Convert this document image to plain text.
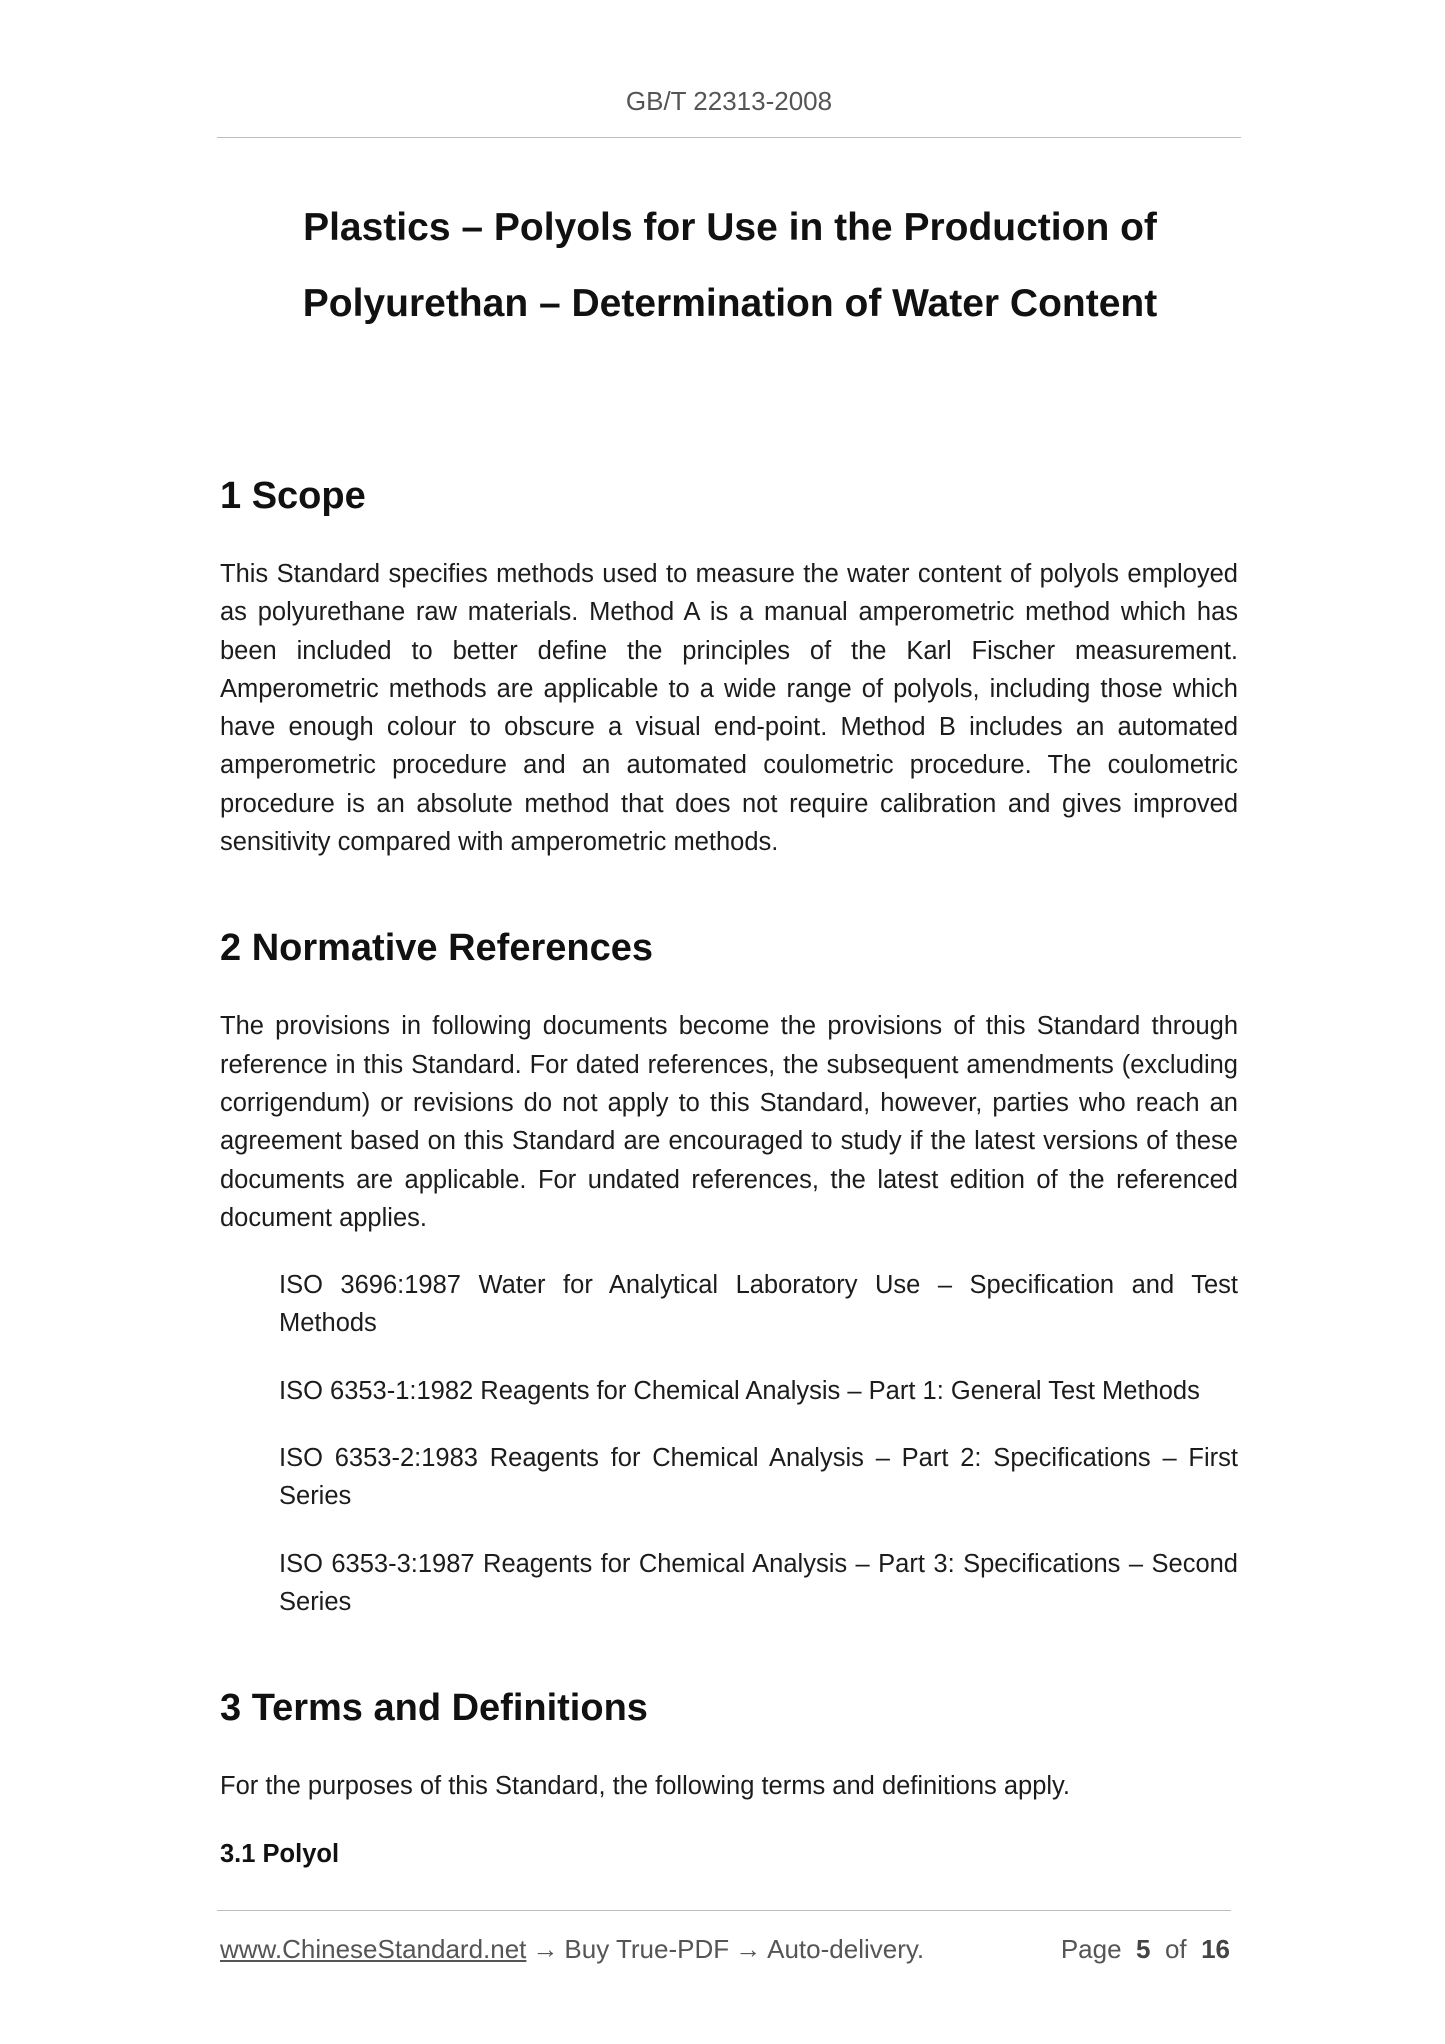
GB/T 22313-2008
Plastics – Polyols for Use in the Production of
Polyurethan – Determination of Water Content
1 Scope

This Standard specifies methods used to measure the water content of polyols employed as polyurethane raw materials. Method A is a manual amperometric method which has been included to better define the principles of the Karl Fischer measurement. Amperometric methods are applicable to a wide range of polyols, including those which have enough colour to obscure a visual end-point. Method B includes an automated amperometric procedure and an automated coulometric procedure. The coulometric procedure is an absolute method that does not require calibration and gives improved sensitivity compared with amperometric methods.

2 Normative References

The provisions in following documents become the provisions of this Standard through reference in this Standard. For dated references, the subsequent amendments (excluding corrigendum) or revisions do not apply to this Standard, however, parties who reach an agreement based on this Standard are encouraged to study if the latest versions of these documents are applicable. For undated references, the latest edition of the referenced document applies.

ISO 3696:1987 Water for Analytical Laboratory Use – Specification and Test Methods
ISO 6353-1:1982 Reagents for Chemical Analysis – Part 1: General Test Methods
ISO 6353-2:1983 Reagents for Chemical Analysis – Part 2: Specifications – First Series
ISO 6353-3:1987 Reagents for Chemical Analysis – Part 3: Specifications – Second Series
3 Terms and Definitions

For the purposes of this Standard, the following terms and definitions apply.

3.1 Polyol
www.ChineseStandard.net → Buy True-PDF → Auto-delivery.	Page 5 of 16
